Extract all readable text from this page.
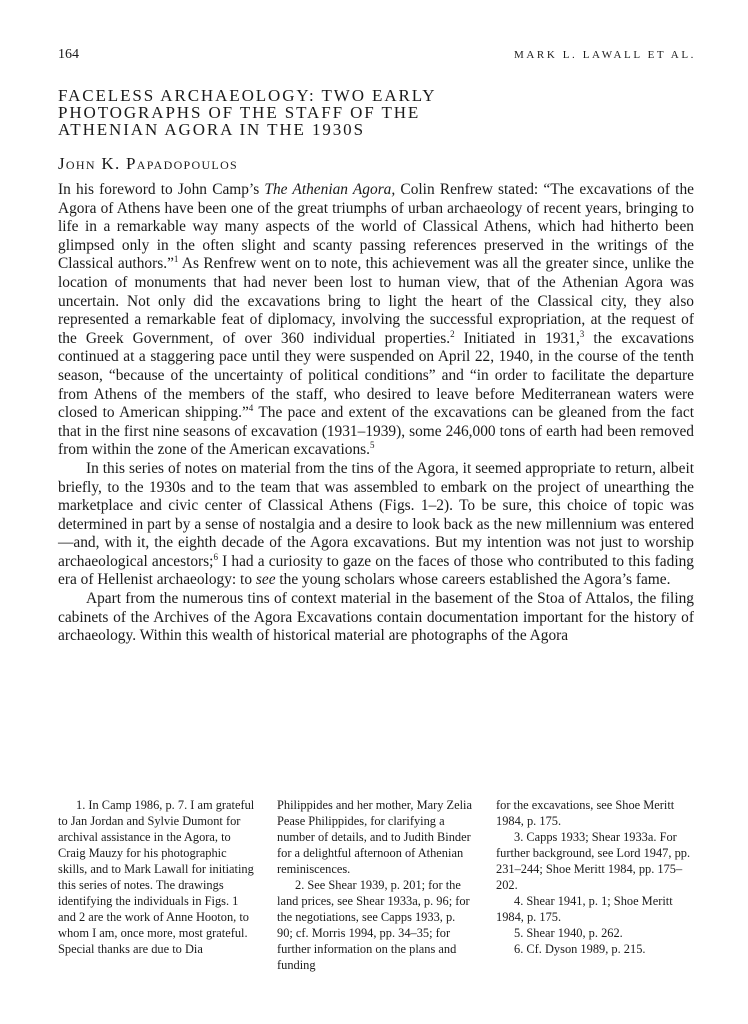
164	MARK L. LAWALL ET AL.
FACELESS ARCHAEOLOGY: TWO EARLY
PHOTOGRAPHS OF THE STAFF OF THE
ATHENIAN AGORA IN THE 1930S
John K. Papadopoulos

In his foreword to John Camp’s The Athenian Agora, Colin Renfrew stated: “The excavations of the Agora of Athens have been one of the great triumphs of urban archaeology of recent years, bringing to life in a remarkable way many aspects of the world of Classical Athens, which had hitherto been glimpsed only in the often slight and scanty passing references preserved in the writings of the Classical authors.”$^1$ As Renfrew went on to note, this achievement was all the greater since, unlike the location of monuments that had never been lost to human view, that of the Athenian Agora was uncertain. Not only did the excavations bring to light the heart of the Classical city, they also represented a remarkable feat of diplomacy, involving the successful expropriation, at the request of the Greek Government, of over 360 individual properties.$^2$ Initiated in 1931,$^3$ the excavations continued at a staggering pace until they were suspended on April 22, 1940, in the course of the tenth season, “because of the uncertainty of political conditions” and “in order to facilitate the departure from Athens of the members of the staff, who desired to leave before Mediterranean waters were closed to American shipping.”$^4$ The pace and extent of the excavations can be gleaned from the fact that in the first nine seasons of excavation (1931–1939), some 246,000 tons of earth had been removed from within the zone of the American excavations.$^5$

In this series of notes on material from the tins of the Agora, it seemed appropriate to return, albeit briefly, to the 1930s and to the team that was assembled to embark on the project of unearthing the marketplace and civic center of Classical Athens (Figs. 1–2). To be sure, this choice of topic was determined in part by a sense of nostalgia and a desire to look back as the new millennium was entered—and, with it, the eighth decade of the Agora excavations. But my intention was not just to worship archaeological ancestors;$^6$ I had a curiosity to gaze on the faces of those who contributed to this fading era of Hellenist archaeology: to see the young scholars whose careers established the Agora’s fame.

Apart from the numerous tins of context material in the basement of the Stoa of Attalos, the filing cabinets of the Archives of the Agora Excavations contain documentation important for the history of archaeology. Within this wealth of historical material are photographs of the Agora

1. In Camp 1986, p. 7. I am grateful to Jan Jordan and Sylvie Dumont for archival assistance in the Agora, to Craig Mauzy for his photographic skills, and to Mark Lawall for initiating this series of notes. The drawings identifying the individuals in Figs. 1 and 2 are the work of Anne Hooton, to whom I am, once more, most grateful. Special thanks are due to Dia

Philippides and her mother, Mary Zelia Pease Philippides, for clarifying a number of details, and to Judith Binder for a delightful afternoon of Athenian reminiscences.

2. See Shear 1939, p. 201; for the land prices, see Shear 1933a, p. 96; for the negotiations, see Capps 1933, p. 90; cf. Morris 1994, pp. 34–35; for further information on the plans and funding

for the excavations, see Shoe Meritt 1984, p. 175.

3. Capps 1933; Shear 1933a. For further background, see Lord 1947, pp. 231–244; Shoe Meritt 1984, pp. 175–202.

4. Shear 1941, p. 1; Shoe Meritt 1984, p. 175.

5. Shear 1940, p. 262.

6. Cf. Dyson 1989, p. 215.
